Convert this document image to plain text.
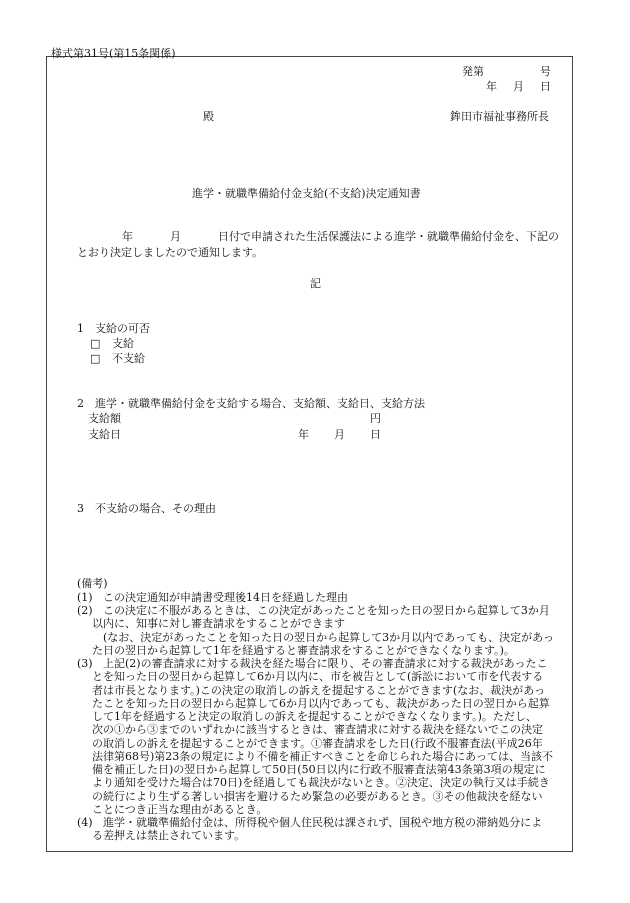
様式第31号(第15条関係)
発第	号
年 月 日
殿	鉾田市福祉事務所長
進学・就職準備給付金支給(不支給)決定通知書
年	月	日付で申請された生活保護法による進学・就職準備給付金を、下記の
とおり決定しましたので通知します。
記
1　支給の可否
□ 支給
□ 不支給
2　進学・就職準備給付金を支給する場合、支給額、支給日、支給方法
支給額	円
支給日	年 月 日
3　不支給の場合、その理由
(備考)
(1) この決定通知が申請書受理後14日を経過した理由
(2) この決定に不服があるときは、この決定があったことを知った日の翌日から起算して3か月
以内に、知事に対し審査請求をすることができます
(なお、決定があったことを知った日の翌日から起算して3か月以内であっても、決定があっ
た日の翌日から起算して1年を経過すると審査請求をすることができなくなります。)。
(3) 上記(2)の審査請求に対する裁決を経た場合に限り、その審査請求に対する裁決があったこ
とを知った日の翌日から起算して6か月以内に、市を被告として(訴訟において市を代表する
者は市長となります。)この決定の取消しの訴えを提起することができます(なお、裁決があっ
たことを知った日の翌日から起算して6か月以内であっても、裁決があった日の翌日から起算
して1年を経過すると決定の取消しの訴えを提起することができなくなります。)。ただし、
次の①から③までのいずれかに該当するときは、審査請求に対する裁決を経ないでこの決定
の取消しの訴えを提起することができます。①審査請求をした日(行政不服審査法(平成26年
法律第68号)第23条の規定により不備を補正すべきことを命じられた場合にあっては、当該不
備を補正した日)の翌日から起算して50日(50日以内に行政不服審査法第43条第3項の規定に
より通知を受けた場合は70日)を経過しても裁決がないとき。②決定、決定の執行又は手続き
の続行により生ずる著しい損害を避けるため緊急の必要があるとき。③その他裁決を経ない
ことにつき正当な理由があるとき。
(4) 進学・就職準備給付金は、所得税や個人住民税は課されず、国税や地方税の滞納処分によ
る差押えは禁止されています。
